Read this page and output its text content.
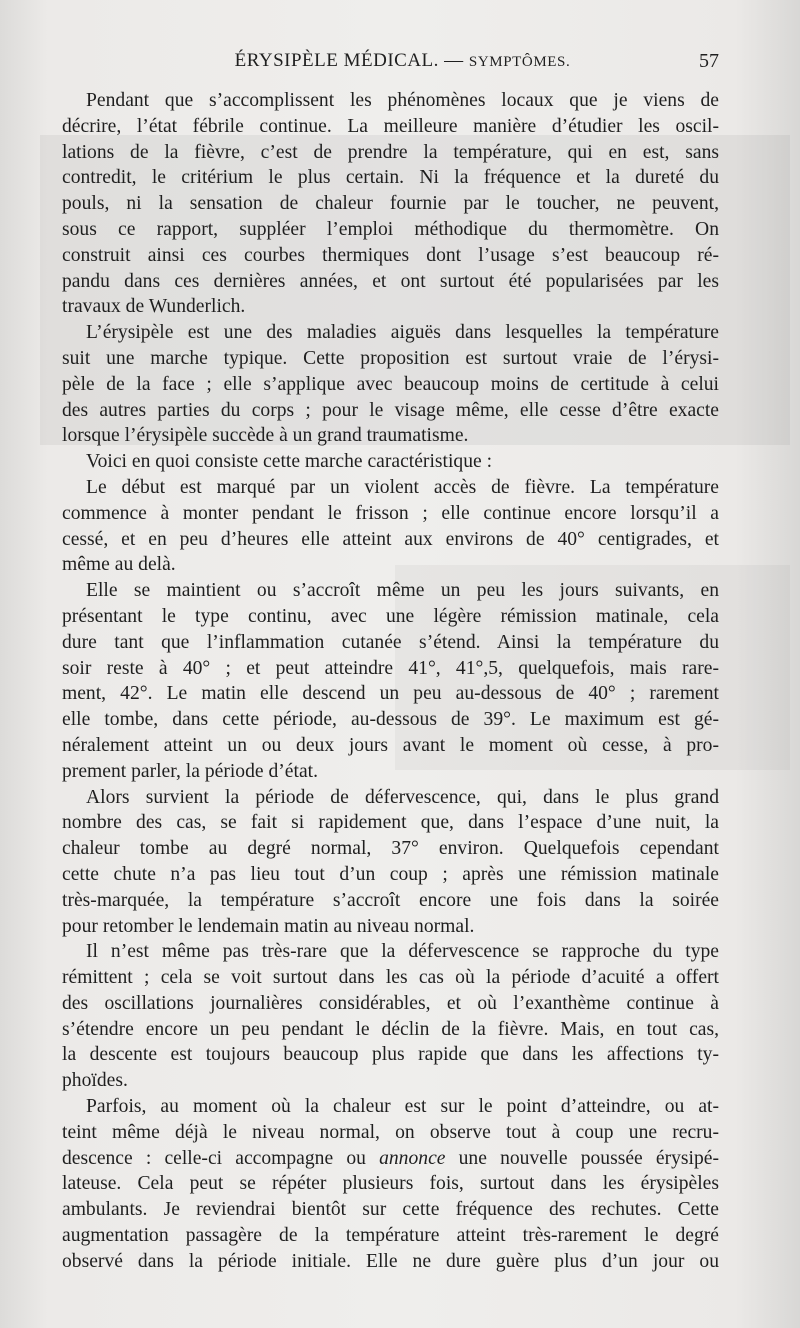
ÉRYSIPÈLE MÉDICAL. — SYMPTÔMES.	57
Pendant que s’accomplissent les phénomènes locaux que je viens de
décrire, l’état fébrile continue. La meilleure manière d’étudier les oscil-
lations de la fièvre, c’est de prendre la température, qui en est, sans
contredit, le critérium le plus certain. Ni la fréquence et la dureté du
pouls, ni la sensation de chaleur fournie par le toucher, ne peuvent,
sous ce rapport, suppléer l’emploi méthodique du thermomètre. On
construit ainsi ces courbes thermiques dont l’usage s’est beaucoup ré-
pandu dans ces dernières années, et ont surtout été popularisées par les
travaux de Wunderlich.
L’érysipèle est une des maladies aiguës dans lesquelles la température
suit une marche typique. Cette proposition est surtout vraie de l’érysi-
pèle de la face ; elle s’applique avec beaucoup moins de certitude à celui
des autres parties du corps ; pour le visage même, elle cesse d’être exacte
lorsque l’érysipèle succède à un grand traumatisme.
Voici en quoi consiste cette marche caractéristique :
Le début est marqué par un violent accès de fièvre. La température
commence à monter pendant le frisson ; elle continue encore lorsqu’il a
cessé, et en peu d’heures elle atteint aux environs de 40° centigrades, et
même au delà.
Elle se maintient ou s’accroît même un peu les jours suivants, en
présentant le type continu, avec une légère rémission matinale, cela
dure tant que l’inflammation cutanée s’étend. Ainsi la température du
soir reste à 40° ; et peut atteindre 41°, 41°,5, quelquefois, mais rare-
ment, 42°. Le matin elle descend un peu au-dessous de 40° ; rarement
elle tombe, dans cette période, au-dessous de 39°. Le maximum est gé-
néralement atteint un ou deux jours avant le moment où cesse, à pro-
prement parler, la période d’état.
Alors survient la période de défervescence, qui, dans le plus grand
nombre des cas, se fait si rapidement que, dans l’espace d’une nuit, la
chaleur tombe au degré normal, 37° environ. Quelquefois cependant
cette chute n’a pas lieu tout d’un coup ; après une rémission matinale
très-marquée, la température s’accroît encore une fois dans la soirée
pour retomber le lendemain matin au niveau normal.
Il n’est même pas très-rare que la défervescence se rapproche du type
rémittent ; cela se voit surtout dans les cas où la période d’acuité a offert
des oscillations journalières considérables, et où l’exanthème continue à
s’étendre encore un peu pendant le déclin de la fièvre. Mais, en tout cas,
la descente est toujours beaucoup plus rapide que dans les affections ty-
phoïdes.
Parfois, au moment où la chaleur est sur le point d’atteindre, ou at-
teint même déjà le niveau normal, on observe tout à coup une recru-
descence : celle-ci accompagne ou annonce une nouvelle poussée érysipé-
lateuse. Cela peut se répéter plusieurs fois, surtout dans les érysipèles
ambulants. Je reviendrai bientôt sur cette fréquence des rechutes. Cette
augmentation passagère de la température atteint très-rarement le degré
observé dans la période initiale. Elle ne dure guère plus d’un jour ou
